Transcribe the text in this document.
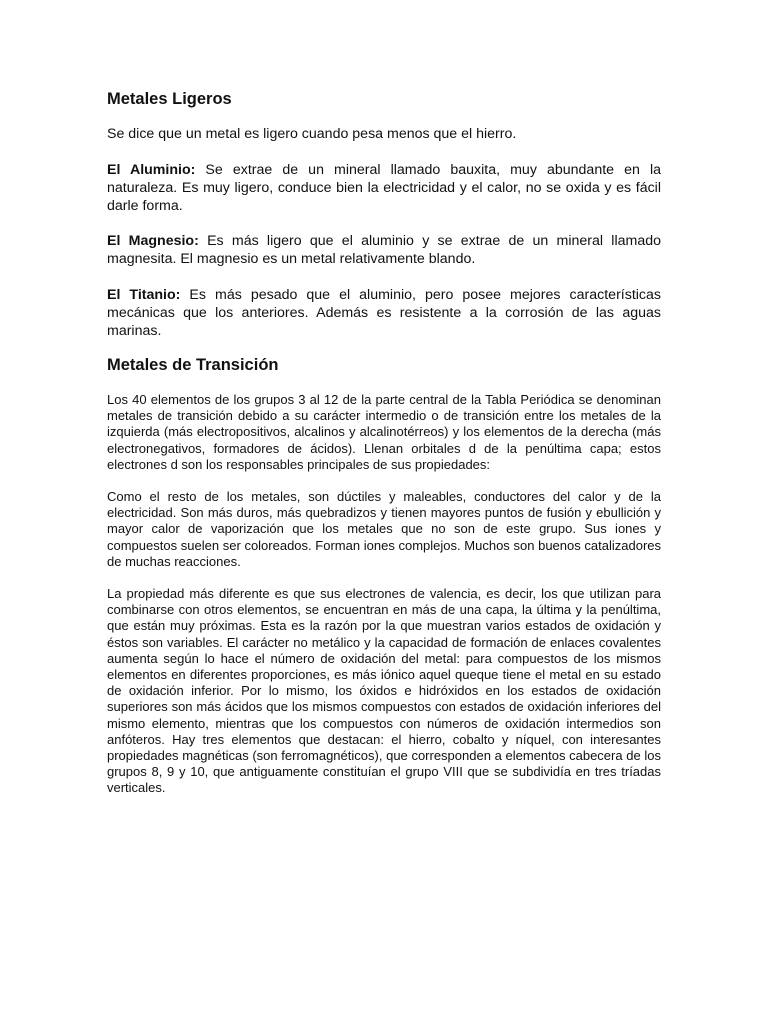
Metales Ligeros

Se dice que un metal es ligero cuando pesa menos que el hierro.

El Aluminio: Se extrae de un mineral llamado bauxita, muy abundante en la naturaleza. Es muy ligero, conduce bien la electricidad y el calor, no se oxida y es fácil darle forma.

El Magnesio: Es más ligero que el aluminio y se extrae de un mineral llamado magnesita. El magnesio es un metal relativamente blando.

El Titanio: Es más pesado que el aluminio, pero posee mejores características mecánicas que los anteriores. Además es resistente a la corrosión de las aguas marinas.

Metales de Transición

Los 40 elementos de los grupos 3 al 12 de la parte central de la Tabla Periódica se denominan metales de transición debido a su carácter intermedio o de transición entre los metales de la izquierda (más electropositivos, alcalinos y alcalinotérreos) y los elementos de la derecha (más electronegativos, formadores de ácidos). Llenan orbitales d de la penúltima capa; estos electrones d son los responsables principales de sus propiedades:

Como el resto de los metales, son dúctiles y maleables, conductores del calor y de la electricidad. Son más duros, más quebradizos y tienen mayores puntos de fusión y ebullición y mayor calor de vaporización que los metales que no son de este grupo. Sus iones y compuestos suelen ser coloreados. Forman iones complejos. Muchos son buenos catalizadores de muchas reacciones.

La propiedad más diferente es que sus electrones de valencia, es decir, los que utilizan para combinarse con otros elementos, se encuentran en más de una capa, la última y la penúltima, que están muy próximas. Esta es la razón por la que muestran varios estados de oxidación y éstos son variables. El carácter no metálico y la capacidad de formación de enlaces covalentes aumenta según lo hace el número de oxidación del metal: para compuestos de los mismos elementos en diferentes proporciones, es más iónico aquel queque tiene el metal en su estado de oxidación inferior. Por lo mismo, los óxidos e hidróxidos en los estados de oxidación superiores son más ácidos que los mismos compuestos con estados de oxidación inferiores del mismo elemento, mientras que los compuestos con números de oxidación intermedios son anfóteros. Hay tres elementos que destacan: el hierro, cobalto y níquel, con interesantes propiedades magnéticas (son ferromagnéticos), que corresponden a elementos cabecera de los grupos 8, 9 y 10, que antiguamente constituían el grupo VIII que se subdividía en tres tríadas verticales.
